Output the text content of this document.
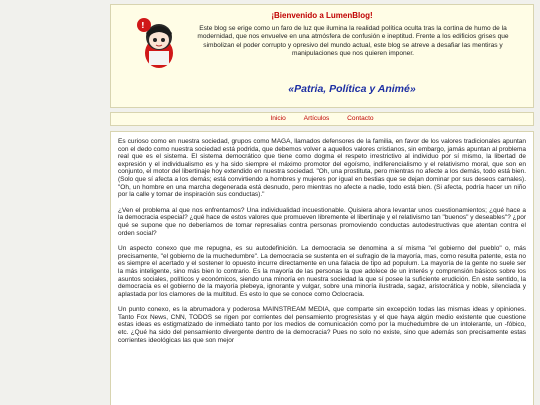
!
¡Bienvenido a LumenBlog!
Este blog se erige como un faro de luz que ilumina la realidad política oculta tras la cortina de humo de la modernidad, que nos envuelve en una atmósfera de confusión e ineptitud. Frente a los edificios grises que simbolizan el poder corrupto y opresivo del mundo actual, este blog se atreve a desafiar las mentiras y manipulaciones que nos quieren imponer.
«Patria, Política y Animé»
Inicio	Artículos	Contacto

Es curioso como en nuestra sociedad, grupos como MAGA, llamados defensores de la familia, en favor de los valores tradicionales apuntan con el dedo como nuestra sociedad está podrida, que debemos volver a aquellos valores cristianos, sin embargo, jamás apuntan al problema real que es el sistema. El sistema democrático que tiene como dogma el respeto irrestrictivo al individuo por sí mismo, la libertad de expresión y el individualismo es y ha sido siempre el máximo promotor del egoísmo, indiferencialismo y el relativismo moral, que son en conjunto, el motor del libertinaje hoy extendido en nuestra sociedad. "Oh, una prostituta, pero mientras no afecte a los demás, todo está bien. (Solo que sí afecta a los demás; está convirtiendo a hombres y mujeres por igual en bestias que se dejan dominar por sus deseos carnales). "Oh, un hombre en una marcha degenerada está desnudo, pero mientras no afecte a nadie, todo está bien. (Si afecta, podría hacer un niño por la calle y tomar de inspiración sus conductas)."

¿Ven el problema al que nos enfrentamos? Una individualidad incuestionable. Quisiera ahora levantar unos cuestionamientos; ¿qué hace a la democracia especial? ¿qué hace de estos valores que promueven libremente el libertinaje y el relativismo tan "buenos" y deseables"? ¿por qué se supone que no deberíamos de tomar represalias contra personas promoviendo conductas autodestructivas que atentan contra el orden social?

Un aspecto conexo que me repugna, es su autodefinición. La democracia se denomina a sí misma "el gobierno del pueblo" o, más precisamente, "el gobierno de la muchedumbre". La democracia se sustenta en el sufragio de la mayoría, mas, como resulta patente, esta no es siempre el acertado y el sostener lo opuesto incurre directamente en una falacia de tipo ad populum. La mayoría de la gente no suele ser la más inteligente, sino más bien lo contrario. Es la mayoría de las personas la que adolece de un interés y comprensión básicos sobre los asuntos sociales, políticos y económicos, siendo una minoría en nuestra sociedad la que sí posee la suficiente erudición. En este sentido, la democracia es el gobierno de la mayoría plebeya, ignorante y vulgar, sobre una minoría ilustrada, sagaz, aristocrática y noble, silenciada y aplastada por los clamores de la multitud. Es esto lo que se conoce como Oclocracia.

Un punto conexo, es la abrumadora y poderosa MAINSTREAM MEDIA, que comparte sin excepción todas las mismas ideas y opiniones. Tanto Fox News, CNN, TODOS se rigen por corrientes del pensamiento progresistas y el que haya algún medio existente que cuestione estas ideas es estigmatizado de inmediato tanto por los medios de comunicación como por la muchedumbre de un intolerante, un -fóbico, etc. ¿Qué ha sido del pensamiento divergente dentro de la democracia? Pues no solo no existe, sino que además son precisamente estas corrientes ideológicas las que son mejor
